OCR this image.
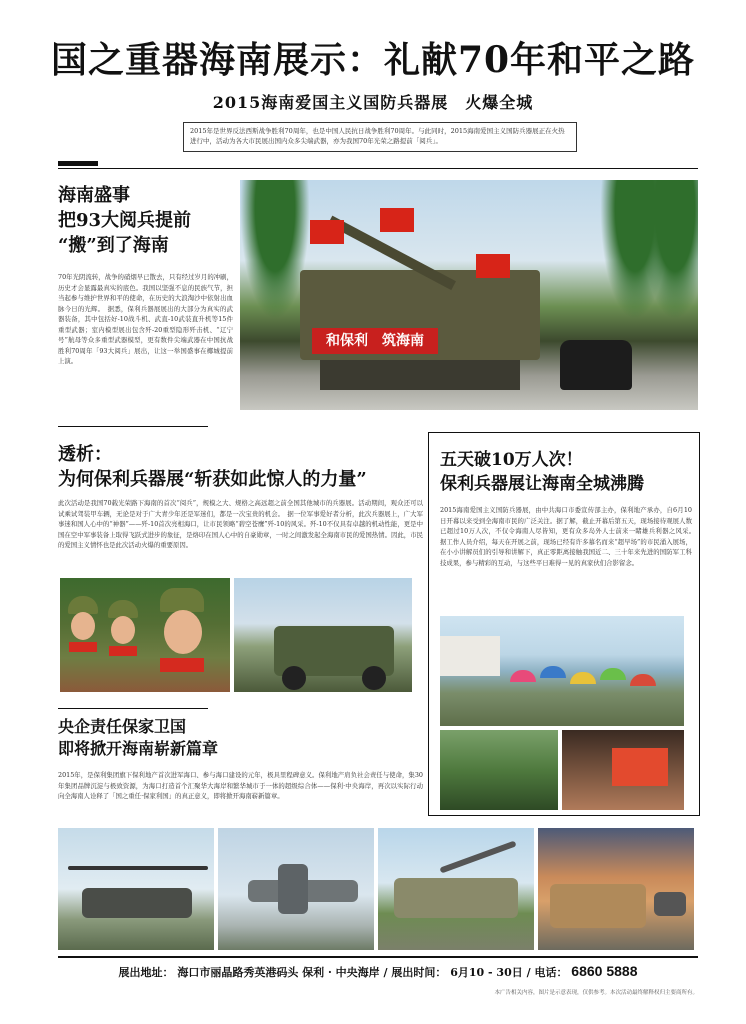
国之重器海南展示：礼献70年和平之路
2015海南爱国主义国防兵器展　火爆全城
2015年是世界反法西斯战争胜利70周年，也是中国人民抗日战争胜利70周年。与此同时，2015海南爱国主义国防兵器展正在火热进行中，活动为各大市民展出国内众多尖端武器，亦为我国70年光荣之路提前「阅兵」。
海南盛事
把93大阅兵提前
“搬”到了海南
70年光阴流转，战争的硝烟早已散去，只有经过岁月的冲刷，历史才会显露最真实的底色。我国以坚强不息的民族气节，担当起参与维护世界和平的使命，在历史的大浪淘沙中依射出血脉今日的光辉。　据悉，保利兵器展展出的大部分为真实的武器装备，其中包括好-10战斗机、武直-10武装直升机等15件重型武器；室内模型展出包含歼-20重型隐形歼击机、“辽宁号”航母等众多重型武器模型，更有数件尖端武器在中国抗战胜利70周年「93大阅兵」展出，让这一举国盛事在椰城提前上演。
和保利　筑海南
透析：
为何保利兵器展“斩获如此惊人的力量”
此次活动是我国70载光荣路下海南的首次“阅兵”，规模之大、规格之高远超之前全国其他城市的兵器展。活动期间，观众还可以试乘试驾装甲车辆，无论是对于广大青少年还是军迷们，都是一次宝贵的机会。　据一位军事爱好者分析，此次兵器展上，广大军事迷和国人心中的“神器”——歼-10首次亮相海口，让市民领略“碧空苍鹰”歼-10的风采。歼-10不仅具有卓越的机动性能，更是中国在空中军事装备上取得飞跃式进步的象征，是烙印在国人心中的自豪勋章，一时之间激发起全海南市民的爱国热情。因此，市民的爱国主义情怀也是此次活动火爆的重要原因。
央企责任保家卫国
即将掀开海南崭新篇章
2015年，是保利集团旗下保利地产首次进军海口、参与海口建设的元年，极具里程碑意义。保利地产肩负社会责任与使命，集30年集团品牌沉淀与极致资源，为海口打造首个汇聚华大海岸和繁华城市于一体的超级综合体——保利·中央海岸，再次以实际行动向全海南人诠释了「国之重任·保家利国」的真正意义，即将掀开海南崭新篇章。
五天破10万人次！
保利兵器展让海南全城沸腾
2015海南爱国主义国防兵器展，由中共海口市委宣传部主办，保利地产承办，自6月10日开幕以来受到全海南市民的广泛关注。据了解，截止开幕后第五天，现场接待观展人数已超过10万人次，不仅令海南人尽皆知，更有众多岛外人士前来一睹雄兵利器之风采。　据工作人员介绍，每天在开展之前，现场已经有许多慕名而来“超早场”的市民涌入展场，在小小讲解员们的引导和讲解下，真正零距离接触我国近二、三十年来先进的国防军工科技成果，参与精彩的互动，与这些平日难得一见的真家伙们合影留念。
展出地址： 海口市丽晶路秀英港码头 保利 · 中央海岸 / 展出时间： 6月10 - 30日 / 电话： 6860 5888
本广告相关内容，图片是示意表现，仅供参考。本次活动最终解释权归主要商所有。
